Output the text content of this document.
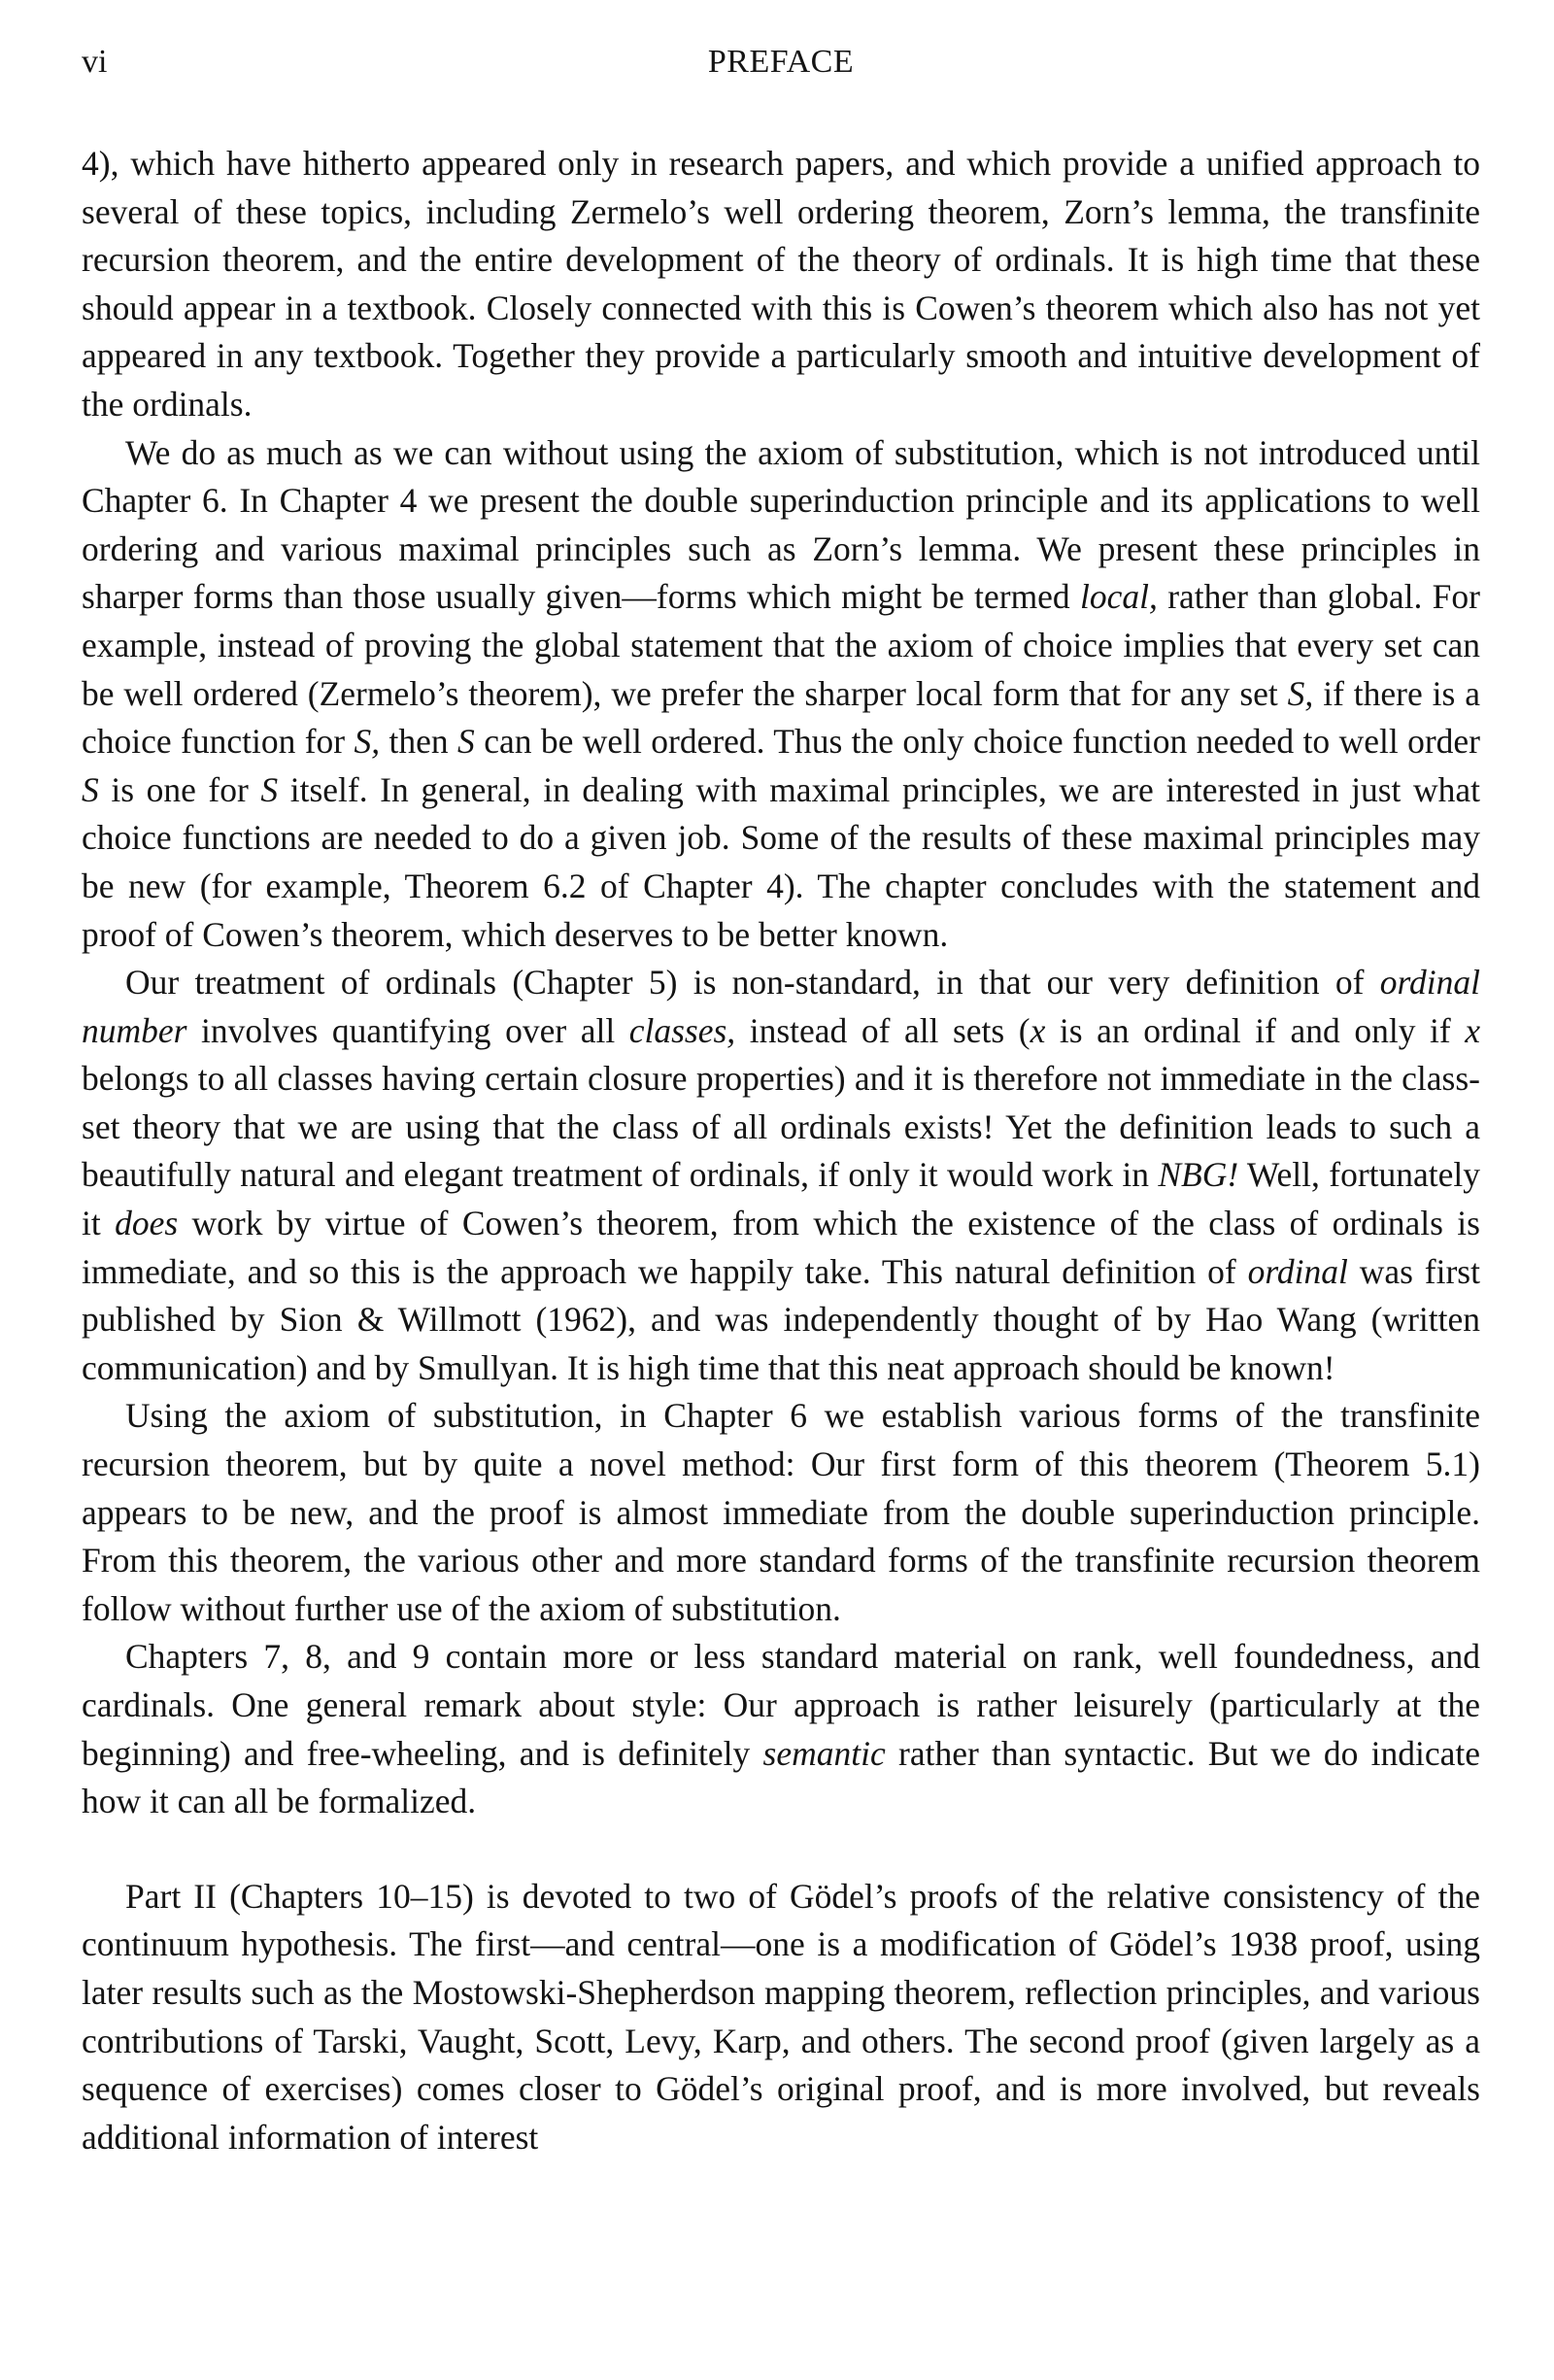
vi	PREFACE

4), which have hitherto appeared only in research papers, and which provide a unified approach to several of these topics, including Zermelo’s well ordering theorem, Zorn’s lemma, the transfinite recursion theorem, and the entire development of the theory of ordinals. It is high time that these should appear in a textbook. Closely connected with this is Cowen’s theorem which also has not yet appeared in any textbook. Together they provide a particularly smooth and intuitive development of the ordinals.

We do as much as we can without using the axiom of substitution, which is not introduced until Chapter 6. In Chapter 4 we present the double superinduction principle and its applications to well ordering and various maximal principles such as Zorn’s lemma. We present these principles in sharper forms than those usually given—forms which might be termed local, rather than global. For example, instead of proving the global statement that the axiom of choice implies that every set can be well ordered (Zermelo’s theorem), we prefer the sharper local form that for any set S, if there is a choice function for S, then S can be well ordered. Thus the only choice function needed to well order S is one for S itself. In general, in dealing with maximal principles, we are interested in just what choice functions are needed to do a given job. Some of the results of these maximal principles may be new (for example, Theorem 6.2 of Chapter 4). The chapter concludes with the statement and proof of Cowen’s theorem, which deserves to be better known.

Our treatment of ordinals (Chapter 5) is non-standard, in that our very definition of ordinal number involves quantifying over all classes, instead of all sets (x is an ordinal if and only if x belongs to all classes having certain closure properties) and it is therefore not immediate in the class-set theory that we are using that the class of all ordinals exists! Yet the definition leads to such a beautifully natural and elegant treatment of ordinals, if only it would work in NBG! Well, fortunately it does work by virtue of Cowen’s theorem, from which the existence of the class of ordinals is immediate, and so this is the approach we happily take. This natural definition of ordinal was first published by Sion & Willmott (1962), and was independently thought of by Hao Wang (written communication) and by Smullyan. It is high time that this neat approach should be known!

Using the axiom of substitution, in Chapter 6 we establish various forms of the transfinite recursion theorem, but by quite a novel method: Our first form of this theorem (Theorem 5.1) appears to be new, and the proof is almost immediate from the double superinduction principle. From this theorem, the various other and more standard forms of the transfinite recursion theorem follow without further use of the axiom of substitution.

Chapters 7, 8, and 9 contain more or less standard material on rank, well foundedness, and cardinals. One general remark about style: Our approach is rather leisurely (particularly at the beginning) and free-wheeling, and is definitely semantic rather than syntactic. But we do indicate how it can all be formalized.

Part II (Chapters 10–15) is devoted to two of Gödel’s proofs of the relative consistency of the continuum hypothesis. The first—and central—one is a modification of Gödel’s 1938 proof, using later results such as the Mostowski-Shepherdson mapping theorem, reflection principles, and various contributions of Tarski, Vaught, Scott, Levy, Karp, and others. The second proof (given largely as a sequence of exercises) comes closer to Gödel’s original proof, and is more involved, but reveals additional information of interest
